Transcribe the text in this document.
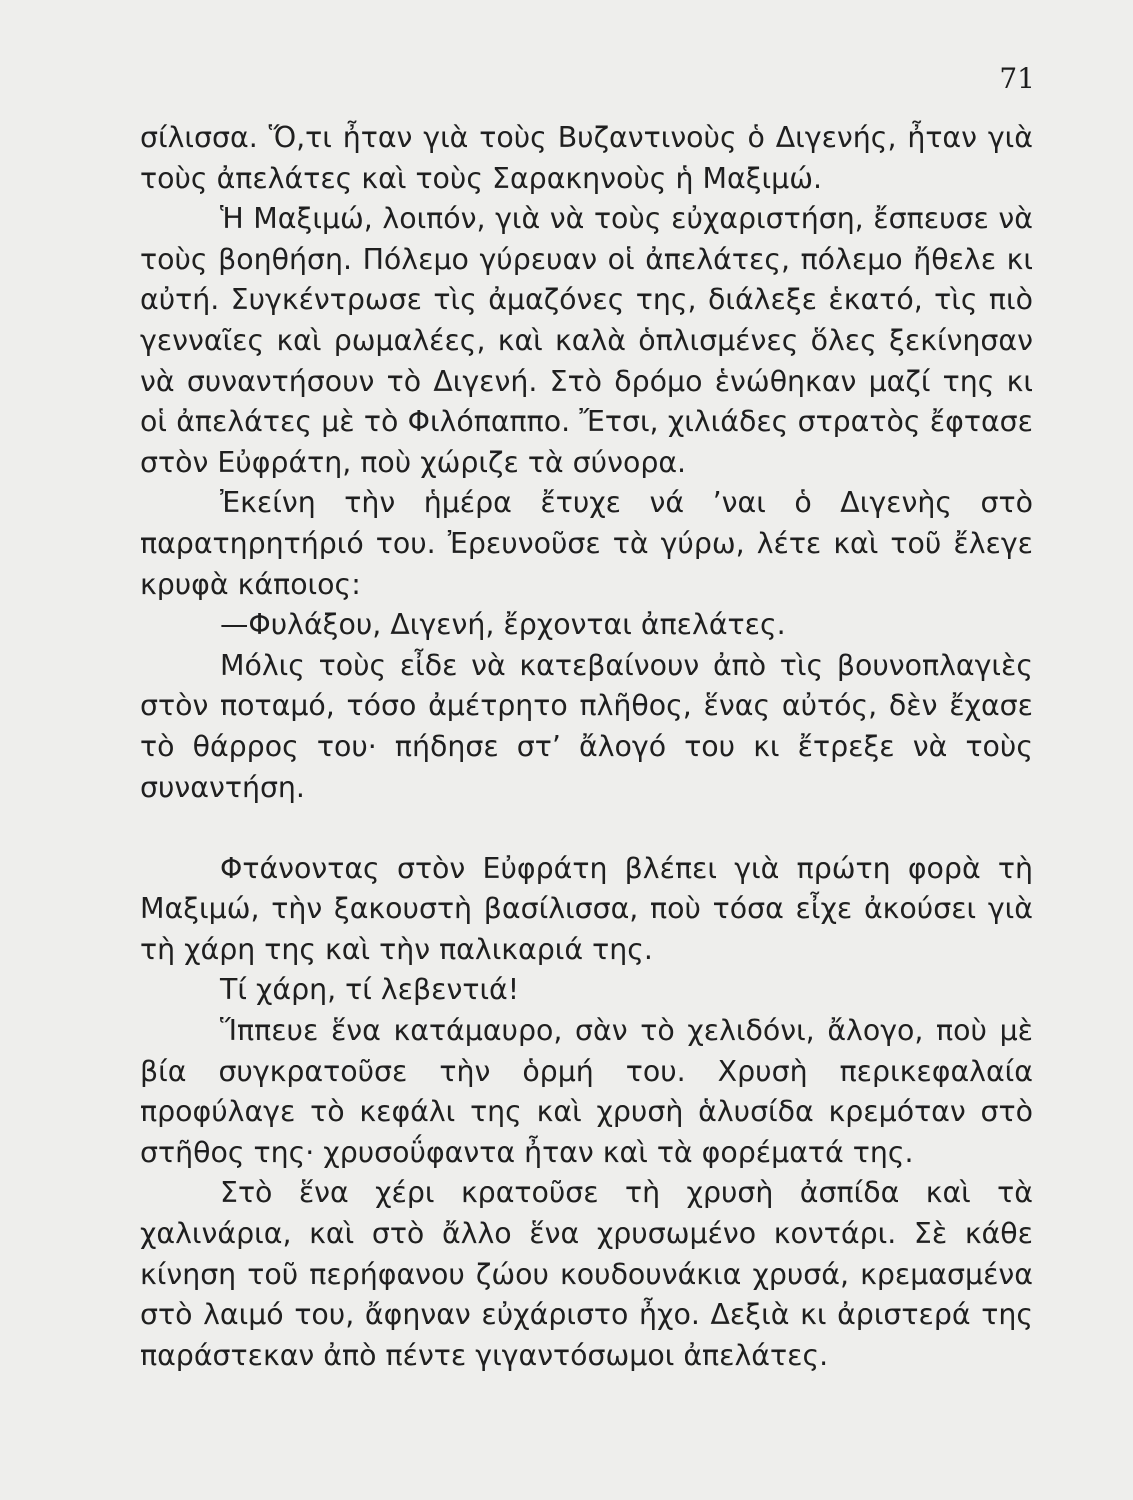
71

σίλισσα. Ὅ,τι ἦταν γιὰ τοὺς Βυζαντινοὺς ὁ Διγενής, ἦταν γιὰ τοὺς ἀπελάτες καὶ τοὺς Σαρακηνοὺς ἡ Μαξιμώ.

Ἡ Μαξιμώ, λοιπόν, γιὰ νὰ τοὺς εὐχαριστήση, ἔσπευσε νὰ τοὺς βοηθήση. Πόλεμο γύρευαν οἱ ἀπελάτες, πόλεμο ἤθελε κι αὐτή. Συγκέντρωσε τὶς ἀμαζόνες της, διάλεξε ἑκατό, τὶς πιὸ γενναῖες καὶ ρωμαλέες, καὶ καλὰ ὁπλισμένες ὅλες ξεκίνησαν νὰ συναντήσουν τὸ Διγενή. Στὸ δρόμο ἑνώθηκαν μαζί της κι οἱ ἀπελάτες μὲ τὸ Φιλόπαππο. Ἔτσι, χιλιάδες στρατὸς ἔφτασε στὸν Εὐφράτη, ποὺ χώριζε τὰ σύνορα.

Ἐκείνη τὴν ἡμέρα ἔτυχε νά ’ναι ὁ Διγενὴς στὸ παρατηρητήριό του. Ἐρευνοῦσε τὰ γύρω, λέτε καὶ τοῦ ἔλεγε κρυφὰ κάποιος:

—Φυλάξου, Διγενή, ἔρχονται ἀπελάτες.

Μόλις τοὺς εἶδε νὰ κατεβαίνουν ἀπὸ τὶς βουνοπλαγιὲς στὸν ποταμό, τόσο ἀμέτρητο πλῆθος, ἕνας αὐτός, δὲν ἔχασε τὸ θάρρος του· πήδησε στ’ ἄλογό του κι ἔτρεξε νὰ τοὺς συναντήση.

Φτάνοντας στὸν Εὐφράτη βλέπει γιὰ πρώτη φορὰ τὴ Μαξιμώ, τὴν ξακουστὴ βασίλισσα, ποὺ τόσα εἶχε ἀκούσει γιὰ τὴ χάρη της καὶ τὴν παλικαριά της.

Τί χάρη, τί λεβεντιά!

Ἵππευε ἕνα κατάμαυρο, σὰν τὸ χελιδόνι, ἄλογο, ποὺ μὲ βία συγκρατοῦσε τὴν ὁρμή του. Χρυσὴ περικεφαλαία προφύλαγε τὸ κεφάλι της καὶ χρυσὴ ἁλυσίδα κρεμόταν στὸ στῆθος της· χρυσοΰφαντα ἦταν καὶ τὰ φορέματά της.

Στὸ ἕνα χέρι κρατοῦσε τὴ χρυσὴ ἀσπίδα καὶ τὰ χαλινάρια, καὶ στὸ ἄλλο ἕνα χρυσωμένο κοντάρι. Σὲ κάθε κίνηση τοῦ περήφανου ζώου κουδουνάκια χρυσά, κρεμασμένα στὸ λαιμό του, ἄφηναν εὐχάριστο ἦχο. Δεξιὰ κι ἀριστερά της παράστεκαν ἀπὸ πέντε γιγαντόσωμοι ἀπελάτες.
